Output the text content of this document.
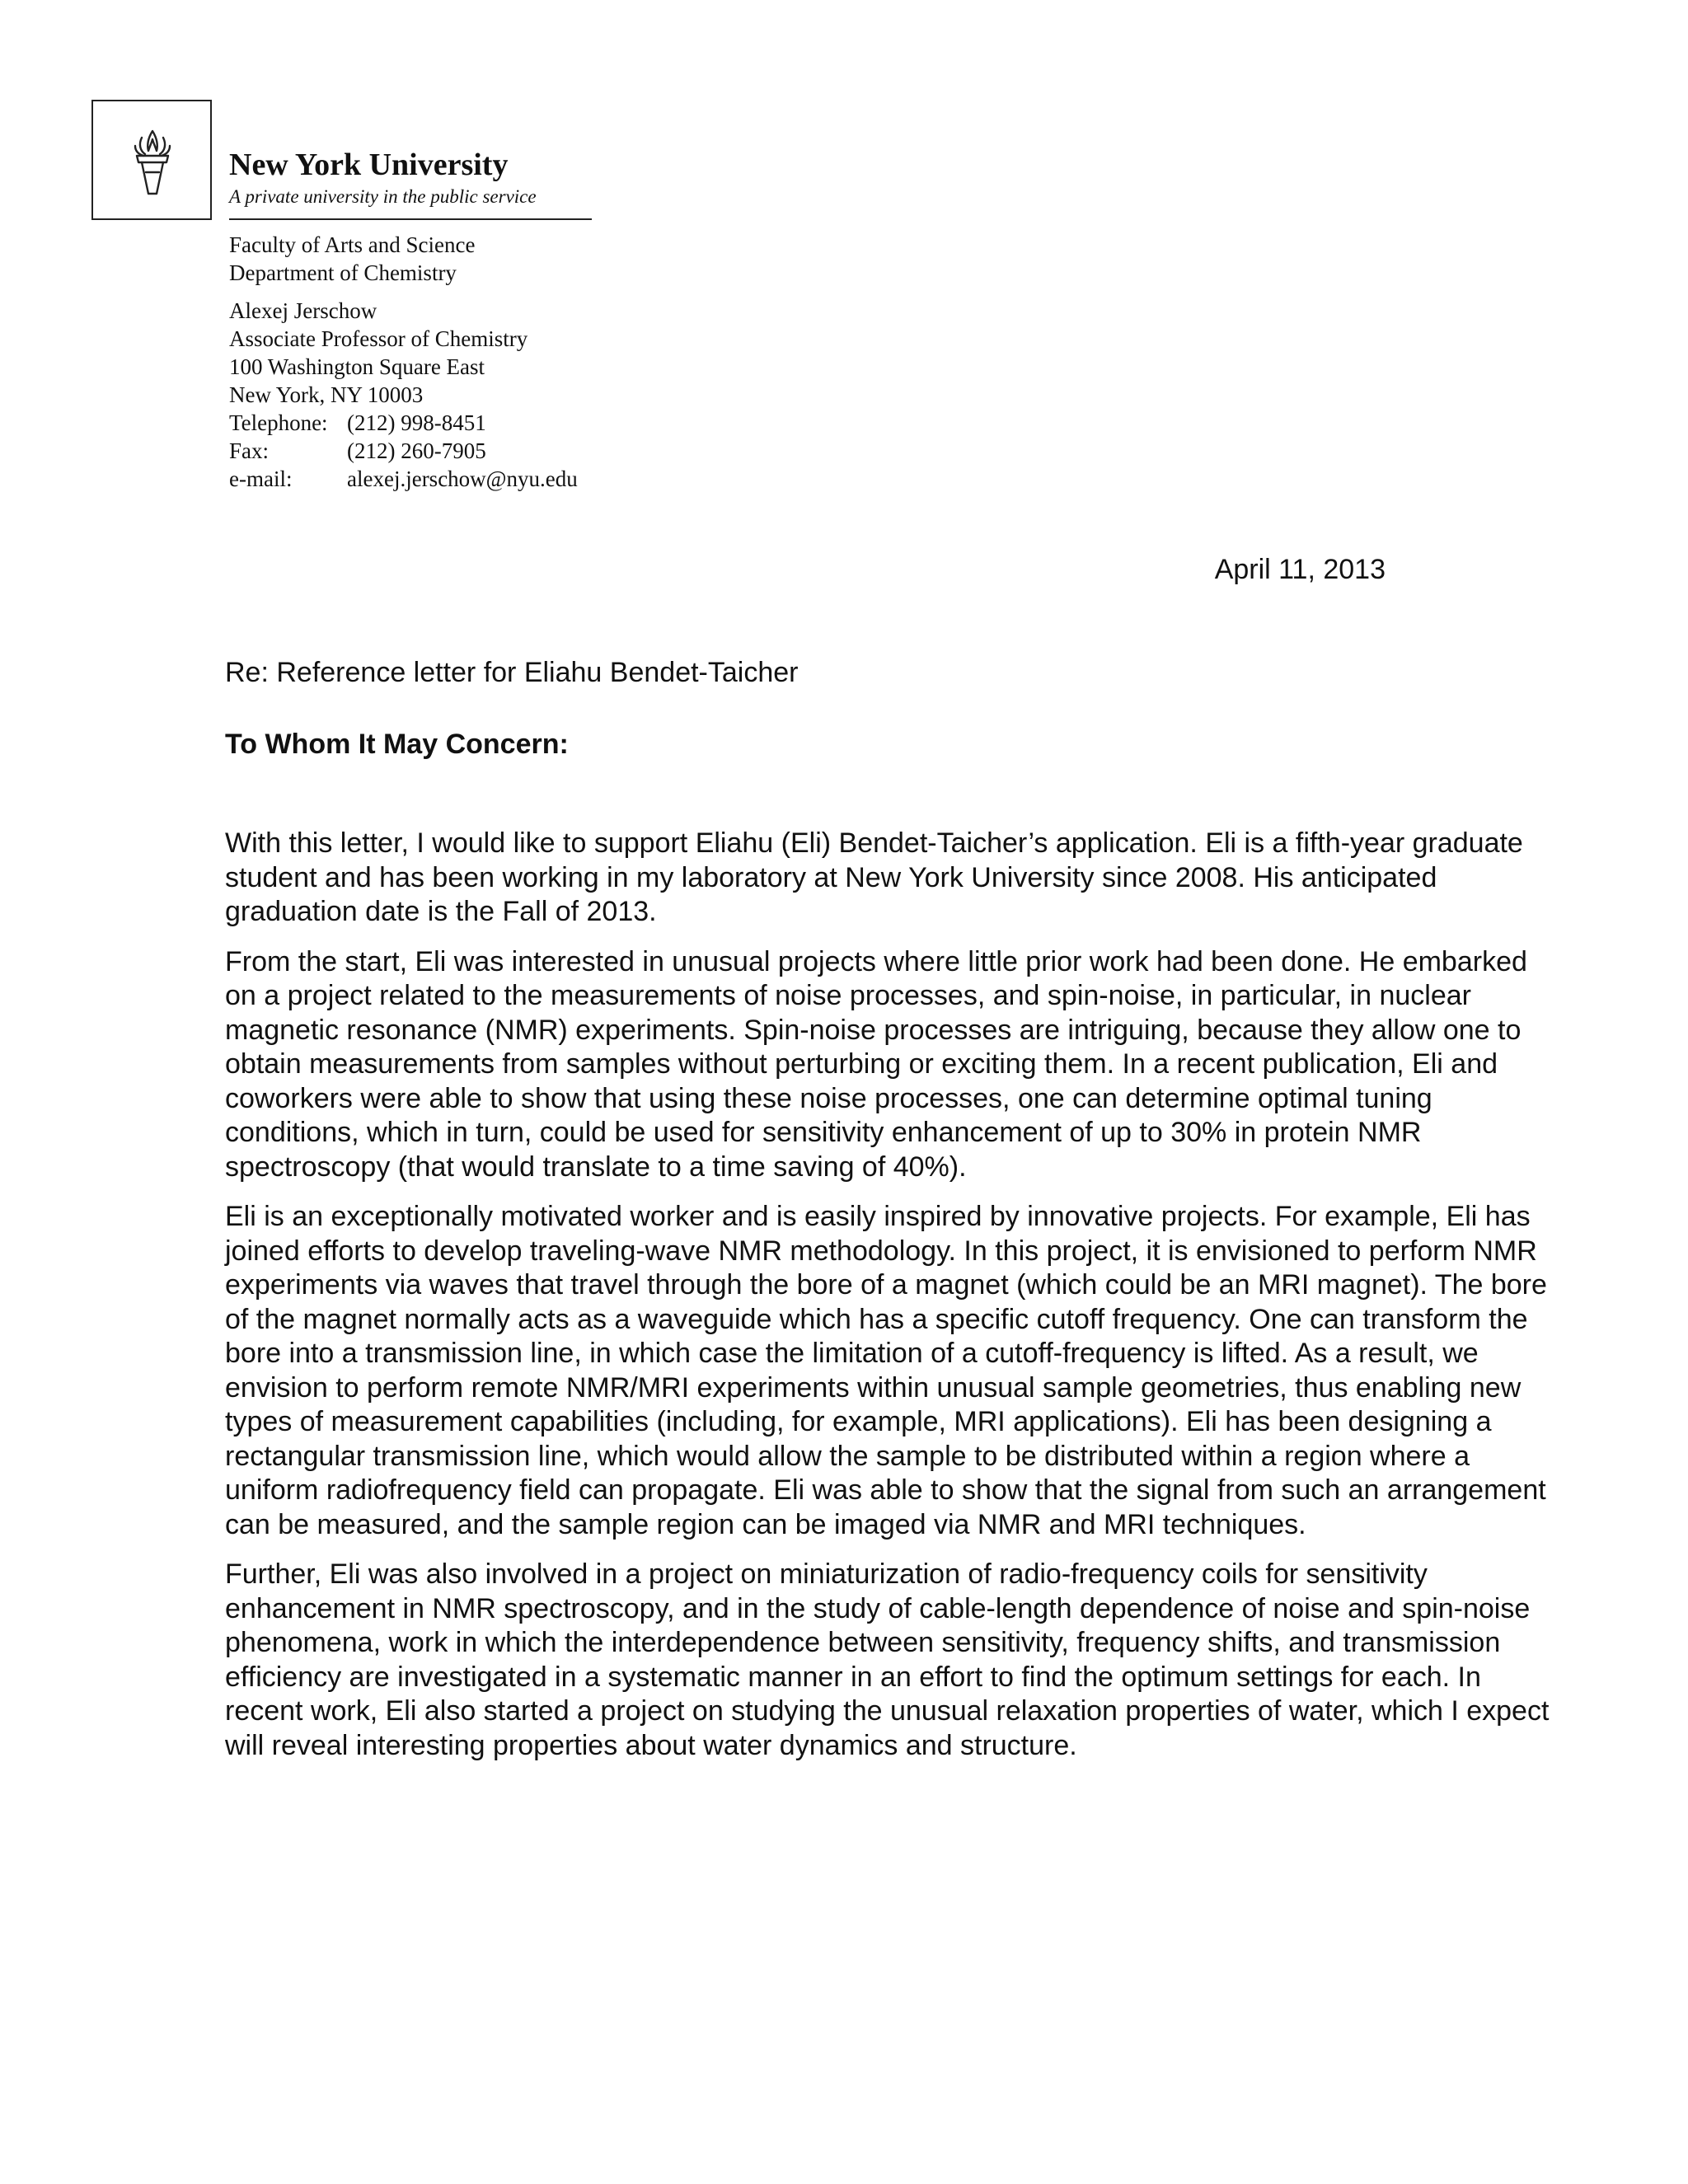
New York University
A private university in the public service
Faculty of Arts and Science
Department of Chemistry
Alexej Jerschow
Associate Professor of Chemistry
100 Washington Square East
New York, NY 10003
Telephone: (212) 998-8451
Fax:	(212) 260-7905
e-mail: alexej.jerschow@nyu.edu
April 11, 2013
Re: Reference letter for Eliahu Bendet-Taicher
To Whom It May Concern:

With this letter, I would like to support Eliahu (Eli) Bendet-Taicher’s application. Eli is a fifth-year graduate student and has been working in my laboratory at New York University since 2008. His anticipated graduation date is the Fall of 2013.

From the start, Eli was interested in unusual projects where little prior work had been done. He embarked on a project related to the measurements of noise processes, and spin-noise, in particular, in nuclear magnetic resonance (NMR) experiments. Spin-noise processes are intriguing, because they allow one to obtain measurements from samples without perturbing or exciting them. In a recent publication, Eli and coworkers were able to show that using these noise processes, one can determine optimal tuning conditions, which in turn, could be used for sensitivity enhancement of up to 30% in protein NMR spectroscopy (that would translate to a time saving of 40%).

Eli is an exceptionally motivated worker and is easily inspired by innovative projects. For example, Eli has joined efforts to develop traveling-wave NMR methodology. In this project, it is envisioned to perform NMR experiments via waves that travel through the bore of a magnet (which could be an MRI magnet). The bore of the magnet normally acts as a waveguide which has a specific cutoff frequency. One can transform the bore into a transmission line, in which case the limitation of a cutoff-frequency is lifted. As a result, we envision to perform remote NMR/MRI experiments within unusual sample geometries, thus enabling new types of measurement capabilities (including, for example, MRI applications). Eli has been designing a rectangular transmission line, which would allow the sample to be distributed within a region where a uniform radiofrequency field can propagate. Eli was able to show that the signal from such an arrangement can be measured, and the sample region can be imaged via NMR and MRI techniques.

Further, Eli was also involved in a project on miniaturization of radio-frequency coils for sensitivity enhancement in NMR spectroscopy, and in the study of cable-length dependence of noise and spin-noise phenomena, work in which the interdependence between sensitivity, frequency shifts, and transmission efficiency are investigated in a systematic manner in an effort to find the optimum settings for each. In recent work, Eli also started a project on studying the unusual relaxation properties of water, which I expect will reveal interesting properties about water dynamics and structure.
